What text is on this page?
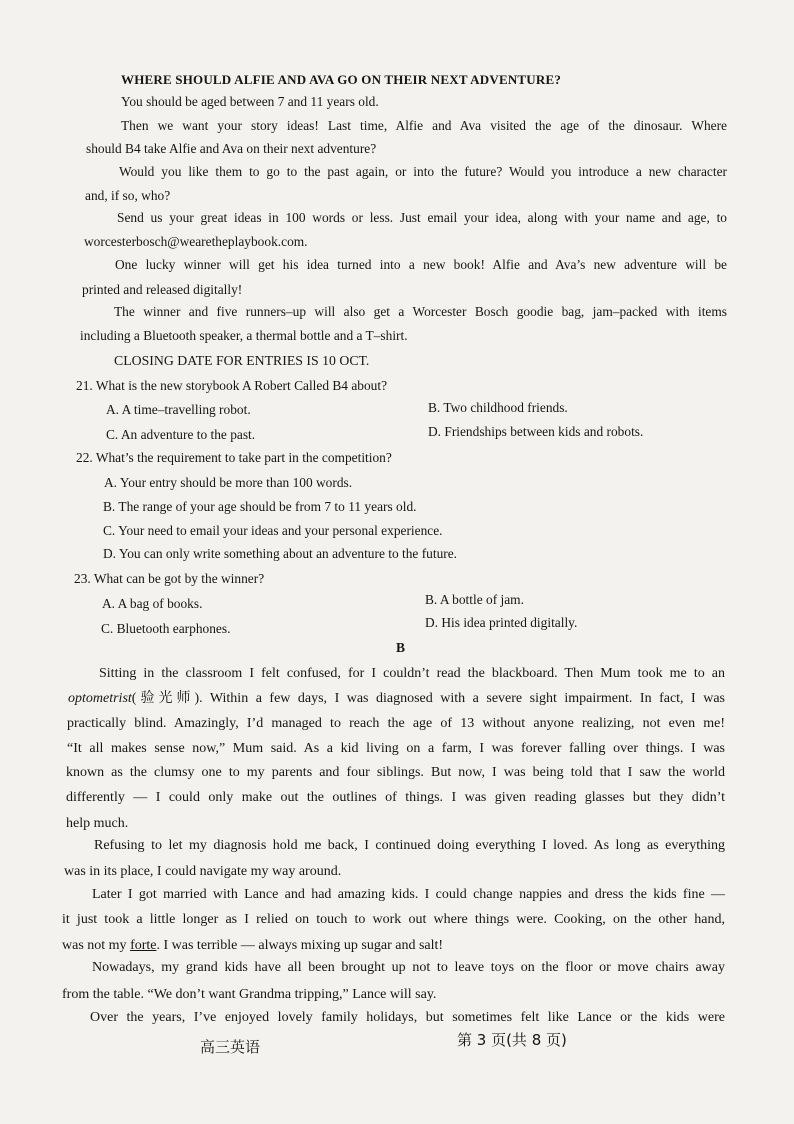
WHERE SHOULD ALFIE AND AVA GO ON THEIR NEXT ADVENTURE?
You should be aged between 7 and 11 years old.
Then we want your story ideas! Last time, Alfie and Ava visited the age of the dinosaur. Where
should B4 take Alfie and Ava on their next adventure?
Would you like them to go to the past again, or into the future? Would you introduce a new character
and, if so, who?
Send us your great ideas in 100 words or less. Just email your idea, along with your name and age, to
worcesterbosch@wearetheplaybook.com.
One lucky winner will get his idea turned into a new book! Alfie and Ava’s new adventure will be
printed and released digitally!
The winner and five runners–up will also get a Worcester Bosch goodie bag, jam–packed with items
including a Bluetooth speaker, a thermal bottle and a T–shirt.
CLOSING DATE FOR ENTRIES IS 10 OCT.
21. What is the new storybook A Robert Called B4 about?
A. A time–travelling robot.	B. Two childhood friends.
C. An adventure to the past.	D. Friendships between kids and robots.
22. What’s the requirement to take part in the competition?
A. Your entry should be more than 100 words.
B. The range of your age should be from 7 to 11 years old.
C. Your need to email your ideas and your personal experience.
D. You can only write something about an adventure to the future.
23. What can be got by the winner?
A. A bag of books.	B. A bottle of jam.
C. Bluetooth earphones.	D. His idea printed digitally.
B
Sitting in the classroom I felt confused, for I couldn’t read the blackboard. Then Mum took me to an
optometrist(验光师). Within a few days, I was diagnosed with a severe sight impairment. In fact, I was
practically blind. Amazingly, I’d managed to reach the age of 13 without anyone realizing, not even me!
“It all makes sense now,” Mum said. As a kid living on a farm, I was forever falling over things. I was
known as the clumsy one to my parents and four siblings. But now, I was being told that I saw the world
differently — I could only make out the outlines of things. I was given reading glasses but they didn’t
help much.
Refusing to let my diagnosis hold me back, I continued doing everything I loved. As long as everything
was in its place, I could navigate my way around.
Later I got married with Lance and had amazing kids. I could change nappies and dress the kids fine —
it just took a little longer as I relied on touch to work out where things were. Cooking, on the other hand,
was not my forte. I was terrible — always mixing up sugar and salt!
Nowadays, my grand kids have all been brought up not to leave toys on the floor or move chairs away
from the table. “We don’t want Grandma tripping,” Lance will say.
Over the years, I’ve enjoyed lovely family holidays, but sometimes felt like Lance or the kids were
高三英语	第 3 页(共 8 页)
